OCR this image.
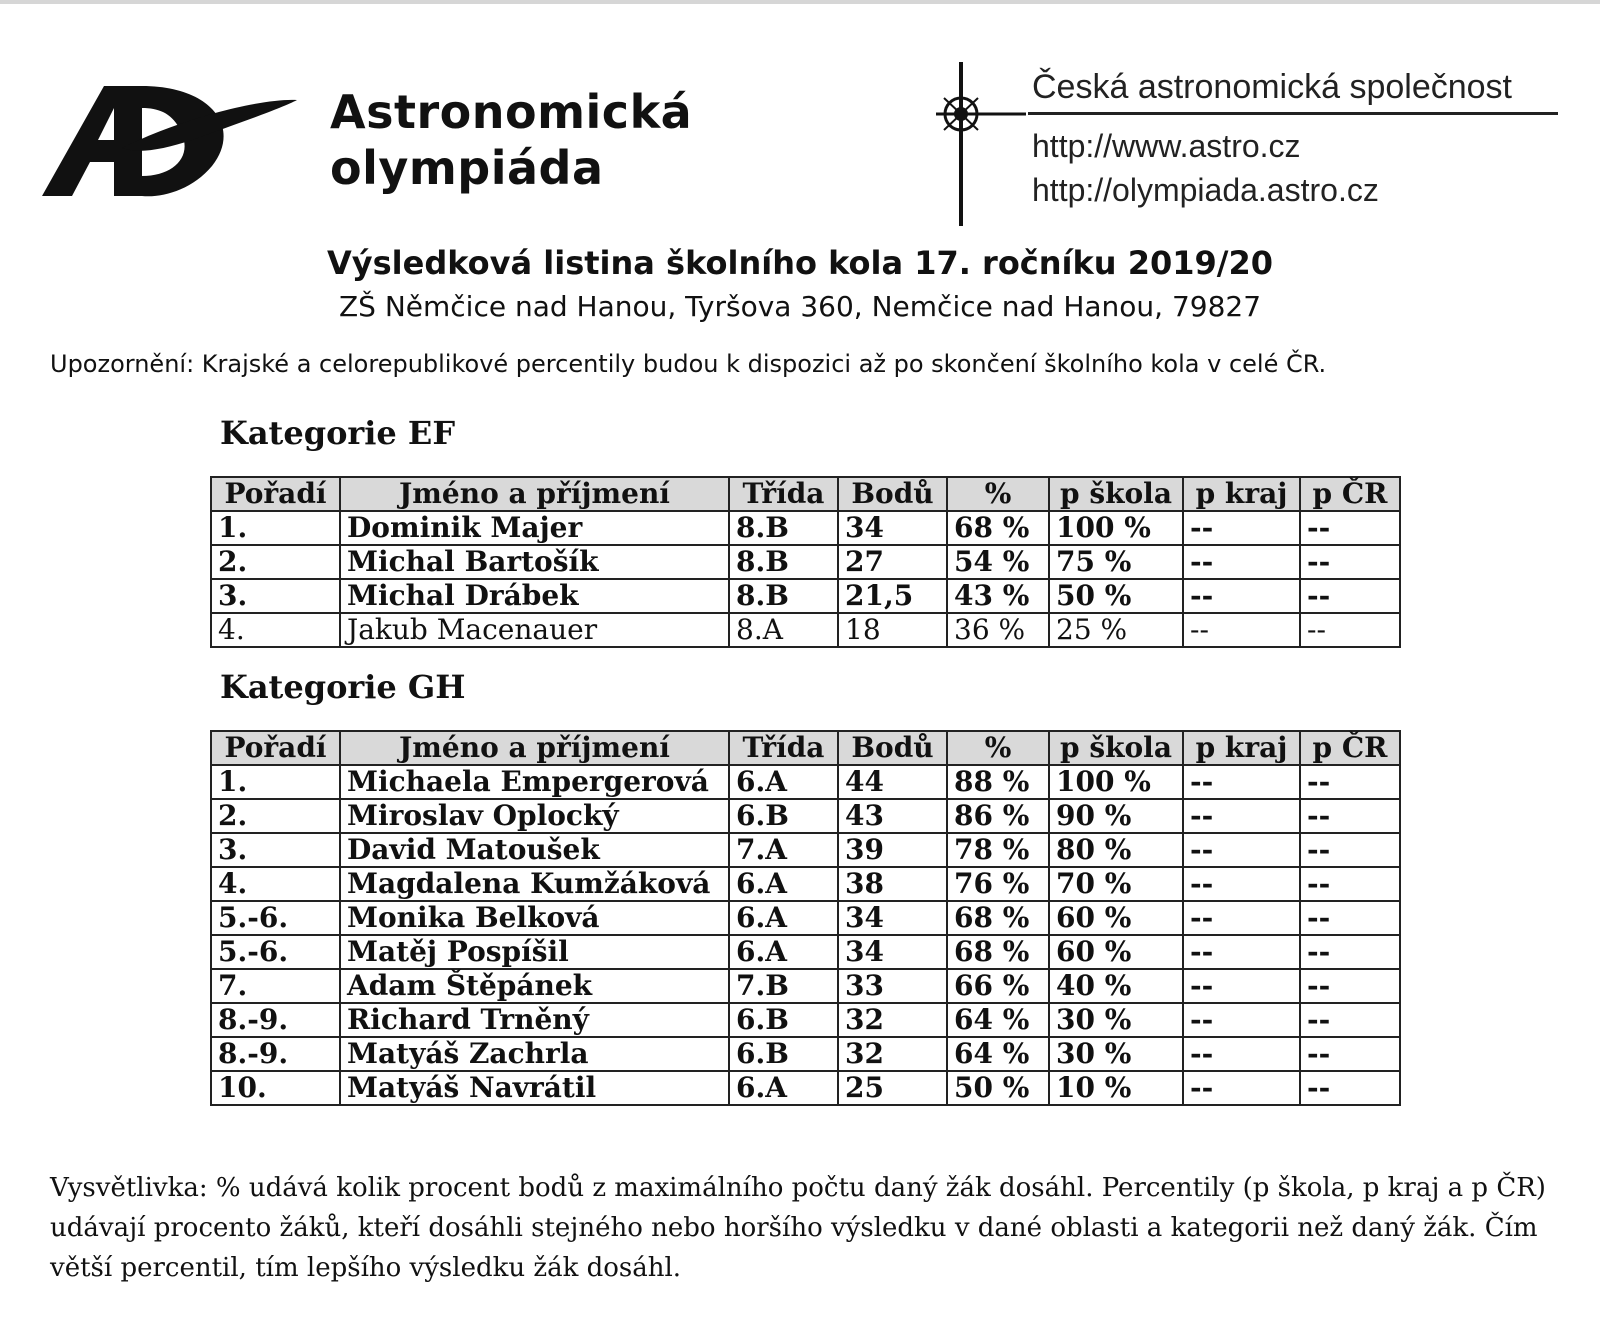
Astronomická
olympiáda
Česká astronomická společnost
http://www.astro.cz
http://olympiada.astro.cz
Výsledková listina školního kola 17. ročníku 2019/20
ZŠ Němčice nad Hanou, Tyršova 360, Nemčice nad Hanou, 79827
Upozornění: Krajské a celorepublikové percentily budou k dispozici až po skončení školního kola v celé ČR.
Kategorie EF
Pořadí	Jméno a příjmení	Třída	Bodů	%	p škola	p kraj	p ČR
1.	Dominik Majer	8.B	34	68 %	100 %	--	--
2.	Michal Bartošík	8.B	27	54 %	75 %	--	--
3.	Michal Drábek	8.B	21,5	43 %	50 %	--	--
4.	Jakub Macenauer	8.A	18	36 %	25 %	--	--
Kategorie GH
Pořadí	Jméno a příjmení	Třída	Bodů	%	p škola	p kraj	p ČR
1.	Michaela Empergerová	6.A	44	88 %	100 %	--	--
2.	Miroslav Oplocký	6.B	43	86 %	90 %	--	--
3.	David Matoušek	7.A	39	78 %	80 %	--	--
4.	Magdalena Kumžáková	6.A	38	76 %	70 %	--	--
5.-6.	Monika Belková	6.A	34	68 %	60 %	--	--
5.-6.	Matěj Pospíšil	6.A	34	68 %	60 %	--	--
7.	Adam Štěpánek	7.B	33	66 %	40 %	--	--
8.-9.	Richard Trněný	6.B	32	64 %	30 %	--	--
8.-9.	Matyáš Zachrla	6.B	32	64 %	30 %	--	--
10.	Matyáš Navrátil	6.A	25	50 %	10 %	--	--
Vysvětlivka: % udává kolik procent bodů z maximálního počtu daný žák dosáhl. Percentily (p škola, p kraj a p ČR) udávají procento žáků, kteří dosáhli stejného nebo horšího výsledku v dané oblasti a kategorii než daný žák. Čím větší percentil, tím lepšího výsledku žák dosáhl.
